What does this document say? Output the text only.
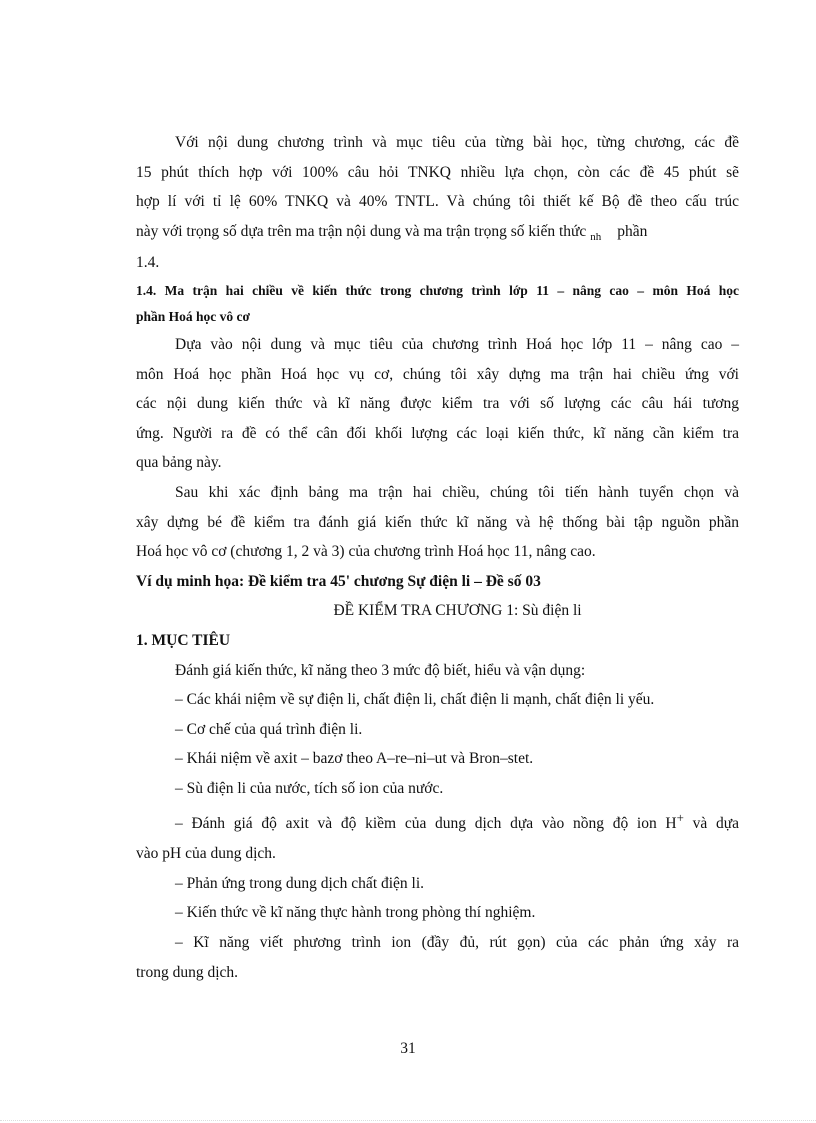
Với nội dung chương trình và mục tiêu của từng bài học, từng chương, các đề
15 phút thích hợp với 100% câu hỏi TNKQ nhiều lựa chọn, còn các đề 45 phút sẽ
hợp lí với tỉ lệ 60% TNKQ và 40% TNTL. Và chúng tôi thiết kế Bộ đề theo cấu trúc
này với trọng số dựa trên ma trận nội dung và ma trận trọng số kiến thức $_{nh}$ phần
1.4.
1.4. Ma trận hai chiều về kiến thức trong chương trình lớp 11 – nâng cao – môn Hoá học
phần Hoá học vô cơ
Dựa vào nội dung và mục tiêu của chương trình Hoá học lớp 11 – nâng cao –
môn Hoá học phần Hoá học vụ cơ, chúng tôi xây dựng ma trận hai chiều ứng với
các nội dung kiến thức và kĩ năng được kiểm tra với số lượng các câu hái tương
ứng. Người ra đề có thể cân đối khối lượng các loại kiến thức, kĩ năng cần kiểm tra
qua bảng này.
Sau khi xác định bảng ma trận hai chiều, chúng tôi tiến hành tuyển chọn và
xây dựng bé đề kiểm tra đánh giá kiến thức kĩ năng và hệ thống bài tập nguồn phần
Hoá học vô cơ (chương 1, 2 và 3) của chương trình Hoá học 11, nâng cao.
Ví dụ minh họa: Đề kiểm tra 45' chương Sự điện li – Đề số 03
ĐỀ KIỂM TRA CHƯƠNG 1: Sù điện li
1. MỤC TIÊU
Đánh giá kiến thức, kĩ năng theo 3 mức độ biết, hiểu và vận dụng:
– Các khái niệm về sự điện li, chất điện li, chất điện li mạnh, chất điện li yếu.
– Cơ chế của quá trình điện li.
– Khái niệm về axit – bazơ theo A–re–ni–ut và Bron–stet.
– Sù điện li của nước, tích số ion của nước.
– Đánh giá độ axit và độ kiềm của dung dịch dựa vào nồng độ ion H+ và dựa
vào pH của dung dịch.
– Phản ứng trong dung dịch chất điện li.
– Kiến thức về kĩ năng thực hành trong phòng thí nghiệm.
– Kĩ năng viết phương trình ion (đầy đủ, rút gọn) của các phản ứng xảy ra
trong dung dịch.
31
